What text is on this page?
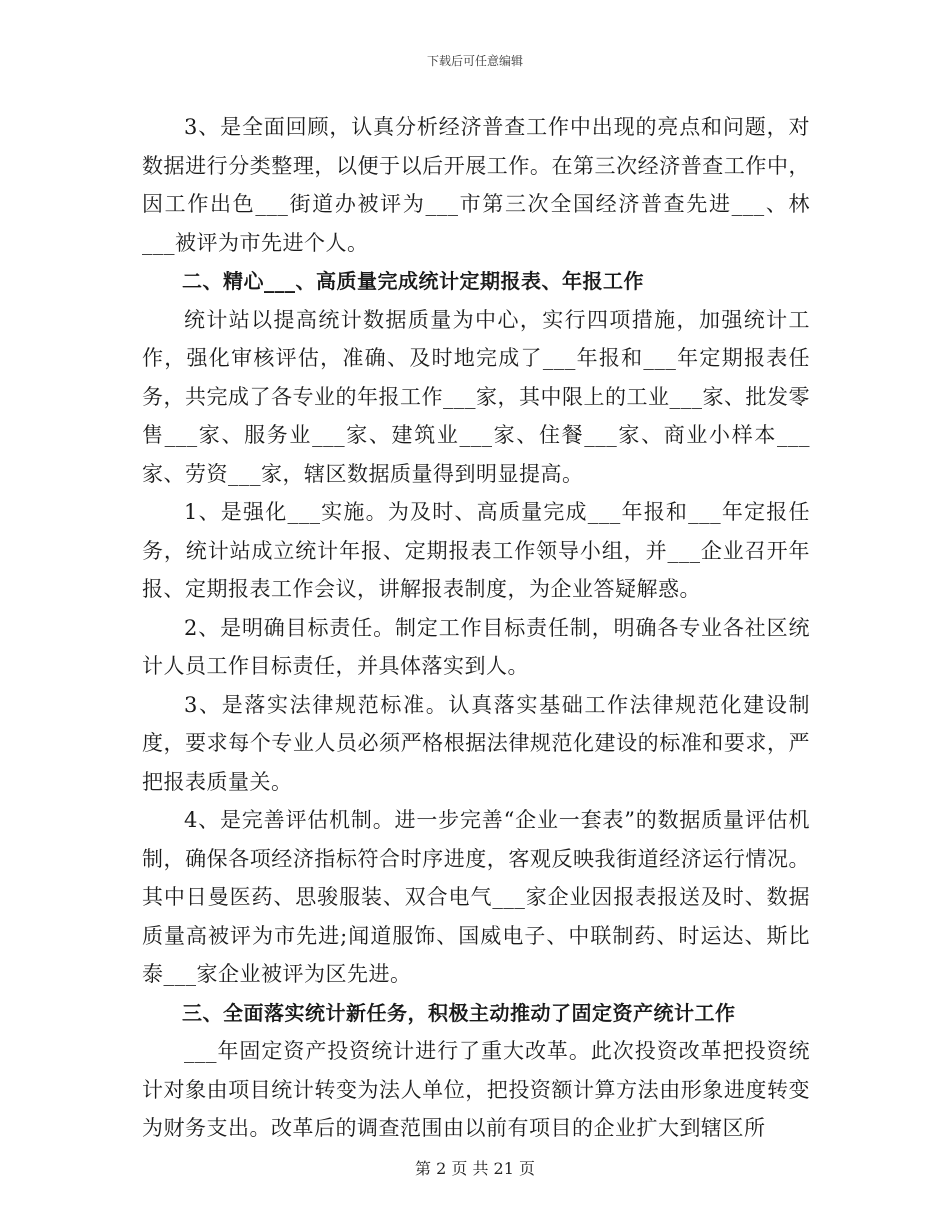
下载后可任意编辑

3、是全面回顾，认真分析经济普查工作中出现的亮点和问题，对数据进行分类整理，以便于以后开展工作。在第三次经济普查工作中，因工作出色___街道办被评为___市第三次全国经济普查先进___、林___被评为市先进个人。

二、精心___、高质量完成统计定期报表、年报工作

统计站以提高统计数据质量为中心，实行四项措施，加强统计工作，强化审核评估，准确、及时地完成了___年报和___年定期报表任务，共完成了各专业的年报工作___家，其中限上的工业___家、批发零售___家、服务业___家、建筑业___家、住餐___家、商业小样本___家、劳资___家，辖区数据质量得到明显提高。

1、是强化___实施。为及时、高质量完成___年报和___年定报任务，统计站成立统计年报、定期报表工作领导小组，并___企业召开年报、定期报表工作会议，讲解报表制度，为企业答疑解惑。

2、是明确目标责任。制定工作目标责任制，明确各专业各社区统计人员工作目标责任，并具体落实到人。

3、是落实法律规范标准。认真落实基础工作法律规范化建设制度，要求每个专业人员必须严格根据法律规范化建设的标准和要求，严把报表质量关。

4、是完善评估机制。进一步完善“企业一套表”的数据质量评估机制，确保各项经济指标符合时序进度，客观反映我街道经济运行情况。其中日曼医药、思骏服装、双合电气___家企业因报表报送及时、数据质量高被评为市先进;闻道服饰、国威电子、中联制药、时运达、斯比泰___家企业被评为区先进。

三、全面落实统计新任务，积极主动推动了固定资产统计工作

___年固定资产投资统计进行了重大改革。此次投资改革把投资统计对象由项目统计转变为法人单位，把投资额计算方法由形象进度转变为财务支出。改革后的调查范围由以前有项目的企业扩大到辖区所

第 2 页 共 21 页
